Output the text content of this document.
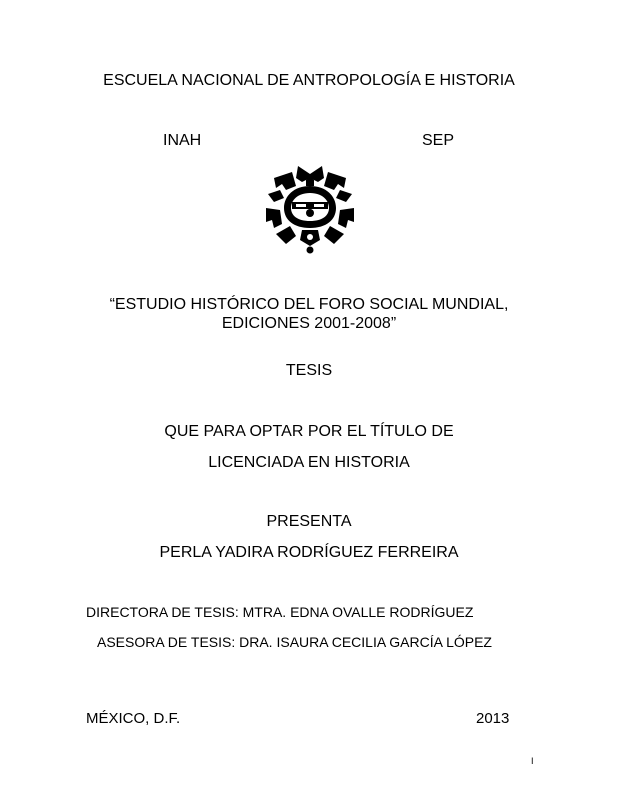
ESCUELA NACIONAL DE ANTROPOLOGÍA E HISTORIA
INAH	SEP
“ESTUDIO HISTÓRICO DEL FORO SOCIAL MUNDIAL,
EDICIONES 2001-2008”
TESIS
QUE PARA OPTAR POR EL TÍTULO DE
LICENCIADA EN HISTORIA
PRESENTA
PERLA YADIRA RODRÍGUEZ FERREIRA
DIRECTORA DE TESIS: MTRA. EDNA OVALLE RODRÍGUEZ
ASESORA DE TESIS: DRA. ISAURA CECILIA GARCÍA LÓPEZ
MÉXICO, D.F.	2013
I
